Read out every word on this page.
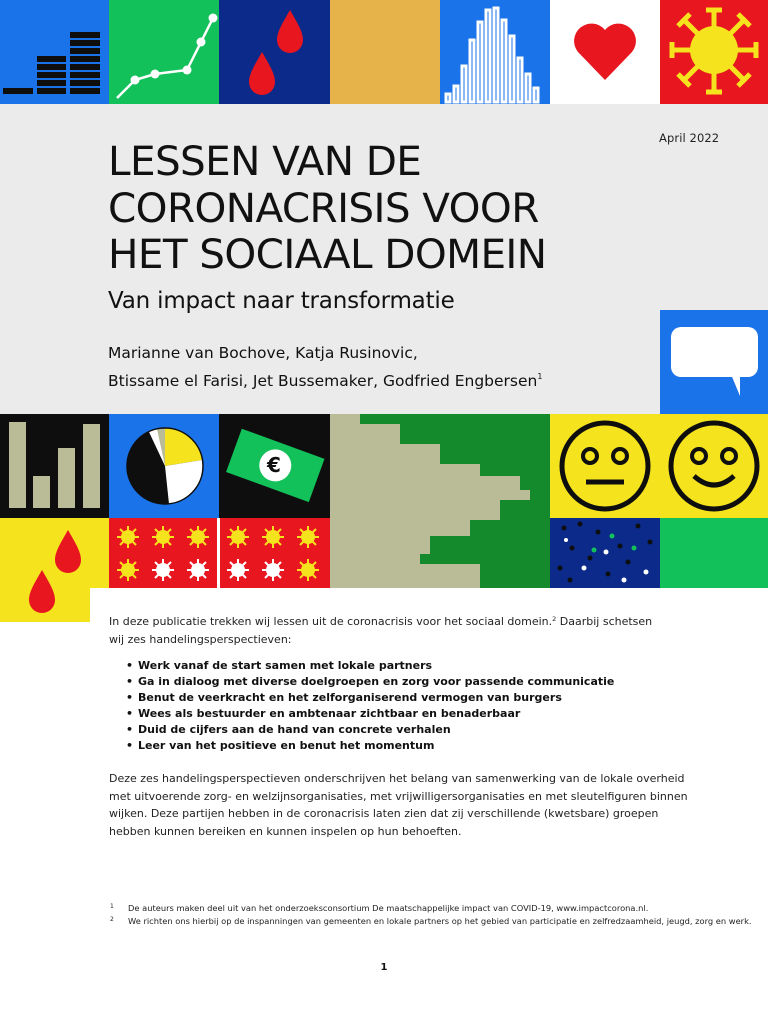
April 2022
LESSEN VAN DE
CORONACRISIS VOOR
HET SOCIAAL DOMEIN
Van impact naar transformatie
Marianne van Bochove, Katja Rusinovic,
Btissame el Farisi, Jet Bussemaker, Godfried Engbersen$^1$
€

In deze publicatie trekken wij lessen uit de coronacrisis voor het sociaal domein.$^2$ Daarbij schetsen wij zes handelingsperspectieven:

• Werk vanaf de start samen met lokale partners
• Ga in dialoog met diverse doelgroepen en zorg voor passende communicatie
• Benut de veerkracht en het zelforganiserend vermogen van burgers
• Wees als bestuurder en ambtenaar zichtbaar en benaderbaar
• Duid de cijfers aan de hand van concrete verhalen
• Leer van het positieve en benut het momentum

Deze zes handelingsperspectieven onderschrijven het belang van samenwerking van de lokale overheid met uitvoerende zorg- en welzijnsorganisaties, met vrijwilligersorganisaties en met sleutelfiguren binnen wijken. Deze partijen hebben in de coronacrisis laten zien dat zij verschillende (kwetsbare) groepen hebben kunnen bereiken en kunnen inspelen op hun behoeften.

1 De auteurs maken deel uit van het onderzoeksconsortium De maatschappelijke impact van COVID-19, www.impactcorona.nl.
2 We richten ons hierbij op de inspanningen van gemeenten en lokale partners op het gebied van participatie en zelfredzaamheid, jeugd, zorg en werk.
1
